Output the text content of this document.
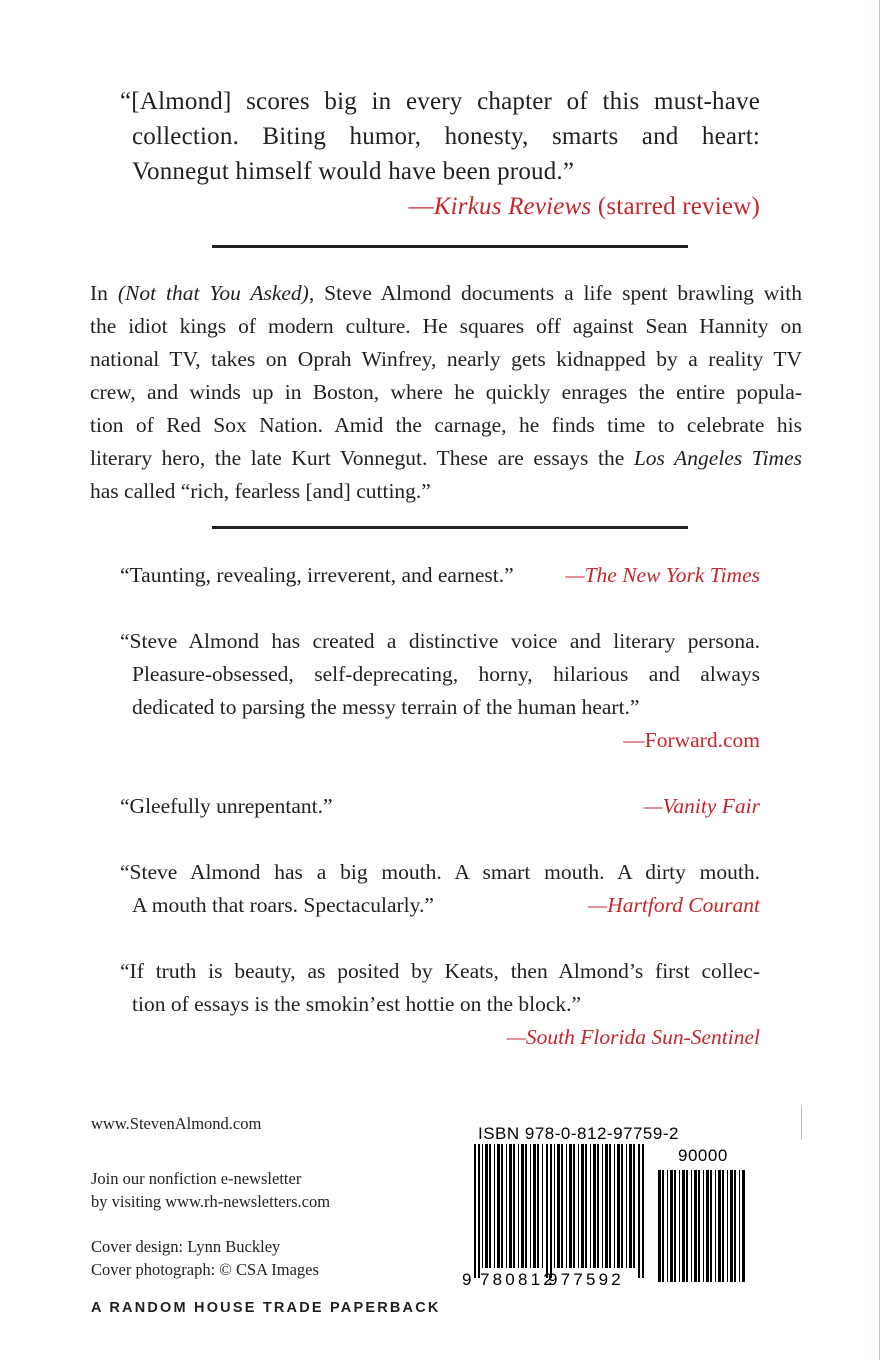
“[Almond] scores big in every chapter of this must-have
collection. Biting humor, honesty, smarts and heart:
Vonnegut himself would have been proud.”
—Kirkus Reviews (starred review)
In (Not that You Asked), Steve Almond documents a life spent brawling with
the idiot kings of modern culture. He squares off against Sean Hannity on
national TV, takes on Oprah Winfrey, nearly gets kidnapped by a reality TV
crew, and winds up in Boston, where he quickly enrages the entire popula-
tion of Red Sox Nation. Amid the carnage, he finds time to celebrate his
literary hero, the late Kurt Vonnegut. These are essays the Los Angeles Times
has called “rich, fearless [and] cutting.”
“Taunting, revealing, irreverent, and earnest.” —The New York Times
“Steve Almond has created a distinctive voice and literary persona.
Pleasure-obsessed, self-deprecating, horny, hilarious and always
dedicated to parsing the messy terrain of the human heart.”
—Forward.com
“Gleefully unrepentant.”	—Vanity Fair
“Steve Almond has a big mouth. A smart mouth. A dirty mouth.
A mouth that roars. Spectacularly.”	—Hartford Courant
“If truth is beauty, as posited by Keats, then Almond’s first collec-
tion of essays is the smokin’est hottie on the block.”
—South Florida Sun-Sentinel
www.StevenAlmond.com
Join our nonfiction e-newsletter
by visiting www.rh-newsletters.com
Cover design: Lynn Buckley
Cover photograph: © CSA Images
A RANDOM HOUSE TRADE PAPERBACK
ISBN 978-0-812-97759-2
90000
9 780812
977592
